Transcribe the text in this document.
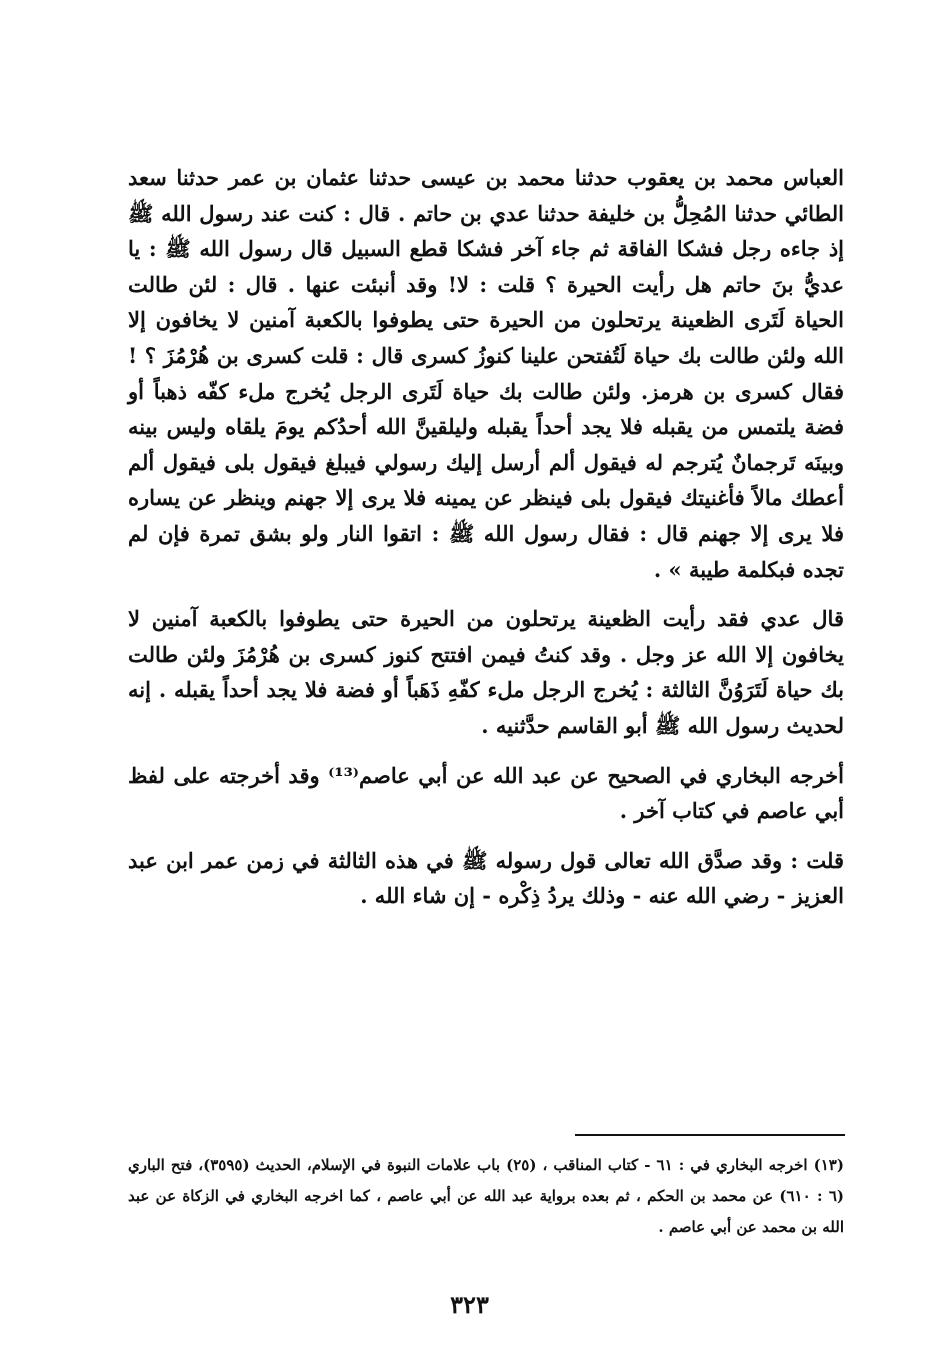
العباس محمد بن يعقوب حدثنا محمد بن عيسى حدثنا عثمان بن عمر حدثنا سعد الطائي حدثنا المُحِلُّ بن خليفة حدثنا عدي بن حاتم . قال : كنت عند رسول الله ﷺ إذ جاءه رجل فشكا الفاقة ثم جاء آخر فشكا قطع السبيل قال رسول الله ﷺ : يا عديُّ بنَ حاتم هل رأيت الحيرة ؟ قلت : لا! وقد أنبئت عنها . قال : لئن طالت الحياة لَتَرى الظعينة يرتحلون من الحيرة حتى يطوفوا بالكعبة آمنين لا يخافون إلا الله ولئن طالت بك حياة لَتُفتحن علينا كنوزُ كسرى قال : قلت كسرى بن هُرْمُزَ ؟ ! فقال كسرى بن هرمز. ولئن طالت بك حياة لَتَرى الرجل يُخرج ملء كفّه ذهباً أو فضة يلتمس من يقبله فلا يجد أحداً يقبله وليلقينَّ الله أحدُكم يومَ يلقاه وليس بينه وبينَه تَرجمانٌ يُترجم له فيقول ألم أرسل إليك رسولي فيبلغ فيقول بلى فيقول ألم أعطك مالاً فأغنيتك فيقول بلى فينظر عن يمينه فلا يرى إلا جهنم وينظر عن يساره فلا يرى إلا جهنم قال : فقال رسول الله ﷺ : اتقوا النار ولو بشق تمرة فإن لم تجده فبكلمة طيبة » .

قال عدي فقد رأيت الظعينة يرتحلون من الحيرة حتى يطوفوا بالكعبة آمنين لا يخافون إلا الله عز وجل . وقد كنتُ فيمن افتتح كنوز كسرى بن هُرْمُزَ ولئن طالت بك حياة لَتَرَوُنَّ الثالثة : يُخرج الرجل ملء كفّهِ ذَهَباً أو فضة فلا يجد أحداً يقبله . إنه لحديث رسول الله ﷺ أبو القاسم حدَّثنيه .

أخرجه البخاري في الصحيح عن عبد الله عن أبي عاصم⁽¹³⁾ وقد أخرجته على لفظ أبي عاصم في كتاب آخر .

قلت : وقد صدَّق الله تعالى قول رسوله ﷺ في هذه الثالثة في زمن عمر ابن عبد العزيز - رضي الله عنه - وذلك يردُ ذِكْره - إن شاء الله .

(١٣) اخرجه البخاري في : ٦١ - كتاب المناقب ، (٢٥) باب علامات النبوة في الإسلام، الحديث (٣٥٩٥)، فتح الباري (٦ : ٦١٠) عن محمد بن الحكم ، ثم بعده برواية عبد الله عن أبي عاصم ، كما اخرجه البخاري في الزكاة عن عبد الله بن محمد عن أبي عاصم .

٣٢٣
